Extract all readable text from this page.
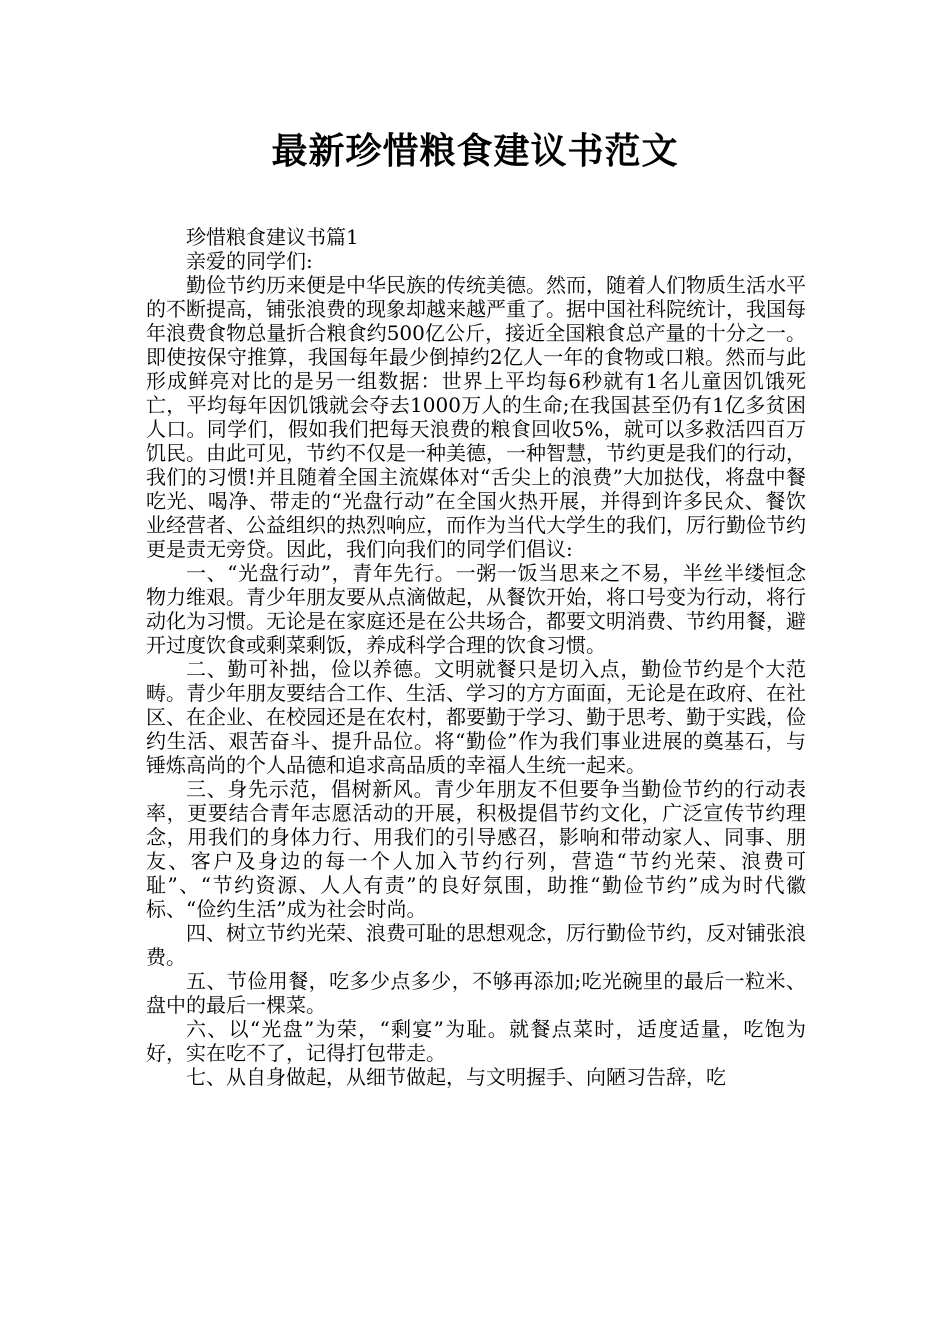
最新珍惜粮食建议书范文

珍惜粮食建议书篇1

亲爱的同学们:

勤俭节约历来便是中华民族的传统美德。然而，随着人们物质生活水平的不断提高，铺张浪费的现象却越来越严重了。据中国社科院统计，我国每年浪费食物总量折合粮食约500亿公斤，接近全国粮食总产量的十分之一。即使按保守推算，我国每年最少倒掉约2亿人一年的食物或口粮。然而与此形成鲜亮对比的是另一组数据：世界上平均每6秒就有1名儿童因饥饿死亡，平均每年因饥饿就会夺去1000万人的生命;在我国甚至仍有1亿多贫困人口。同学们，假如我们把每天浪费的粮食回收5%，就可以多救活四百万饥民。由此可见，节约不仅是一种美德，一种智慧，节约更是我们的行动，我们的习惯!并且随着全国主流媒体对“舌尖上的浪费”大加挞伐，将盘中餐吃光、喝净、带走的“光盘行动”在全国火热开展，并得到许多民众、餐饮业经营者、公益组织的热烈响应，而作为当代大学生的我们，厉行勤俭节约更是责无旁贷。因此，我们向我们的同学们倡议:

一、“光盘行动”，青年先行。一粥一饭当思来之不易，半丝半缕恒念物力维艰。青少年朋友要从点滴做起，从餐饮开始，将口号变为行动，将行动化为习惯。无论是在家庭还是在公共场合，都要文明消费、节约用餐，避开过度饮食或剩菜剩饭，养成科学合理的饮食习惯。

二、勤可补拙，俭以养德。文明就餐只是切入点，勤俭节约是个大范畴。青少年朋友要结合工作、生活、学习的方方面面，无论是在政府、在社区、在企业、在校园还是在农村，都要勤于学习、勤于思考、勤于实践，俭约生活、艰苦奋斗、提升品位。将“勤俭”作为我们事业进展的奠基石，与锤炼高尚的个人品德和追求高品质的幸福人生统一起来。

三、身先示范，倡树新风。青少年朋友不但要争当勤俭节约的行动表率，更要结合青年志愿活动的开展，积极提倡节约文化，广泛宣传节约理念，用我们的身体力行、用我们的引导感召，影响和带动家人、同事、朋友、客户及身边的每一个人加入节约行列，营造“节约光荣、浪费可耻”、“节约资源、人人有责”的良好氛围，助推“勤俭节约”成为时代徽标、“俭约生活”成为社会时尚。

四、树立节约光荣、浪费可耻的思想观念，厉行勤俭节约，反对铺张浪费。

五、节俭用餐，吃多少点多少，不够再添加;吃光碗里的最后一粒米、盘中的最后一棵菜。

六、以“光盘”为荣，“剩宴”为耻。就餐点菜时，适度适量，吃饱为好，实在吃不了，记得打包带走。

七、从自身做起，从细节做起，与文明握手、向陋习告辞，吃
